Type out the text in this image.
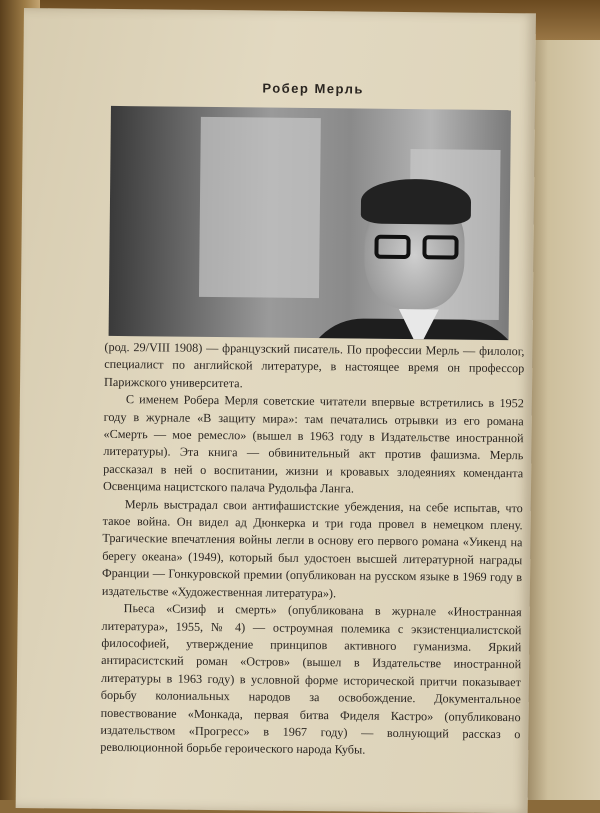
Робер Мерль

(род. 29/VIII 1908) — французский писатель. По профессии Мерль — филолог, специалист по английской литературе, в настоящее время он профессор Парижского университета.

С именем Робера Мерля советские читатели впервые встретились в 1952 году в журнале «В защиту мира»: там печатались отрывки из его романа «Смерть — мое ремесло» (вышел в 1963 году в Издательстве иностранной литературы). Эта книга — обвинительный акт против фашизма. Мерль рассказал в ней о воспитании, жизни и кровавых злодеяниях коменданта Освенцима нацистского палача Рудольфа Ланга.

Мерль выстрадал свои антифашистские убеждения, на себе испытав, что такое война. Он видел ад Дюнкерка и три года провел в немецком плену. Трагические впечатления войны легли в основу его первого романа «Уикенд на берегу океана» (1949), который был удостоен высшей литературной награды Франции — Гонкуровской премии (опубликован на русском языке в 1969 году в издательстве «Художественная литература»).

Пьеса «Сизиф и смерть» (опубликована в журнале «Иностранная литература», 1955, № 4) — остроумная полемика с экзистенциалистской философией, утверждение принципов активного гуманизма. Яркий антирасистский роман «Остров» (вышел в Издательстве иностранной литературы в 1963 году) в условной форме исторической притчи показывает борьбу колониальных народов за освобождение. Документальное повествование «Монкада, первая битва Фиделя Кастро» (опубликовано издательством «Прогресс» в 1967 году) — волнующий рассказ о революционной борьбе героического народа Кубы.
